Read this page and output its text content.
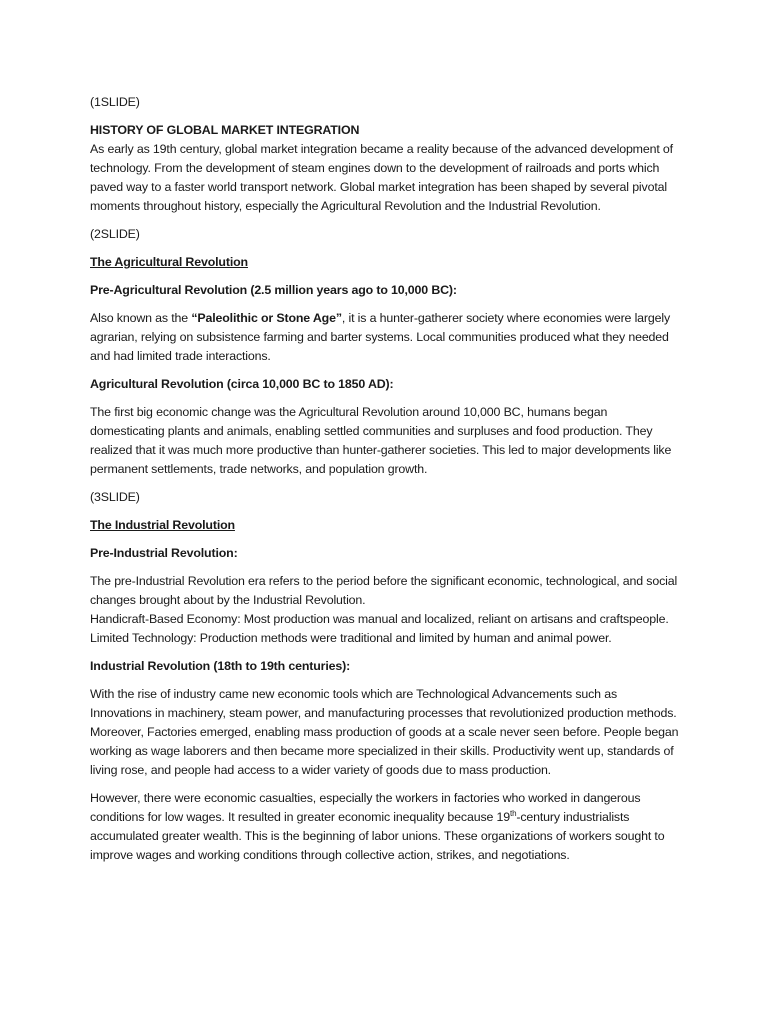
(1SLIDE)

HISTORY OF GLOBAL MARKET INTEGRATION

As early as 19th century, global market integration became a reality because of the advanced development of technology. From the development of steam engines down to the development of railroads and ports which paved way to a faster world transport network. Global market integration has been shaped by several pivotal moments throughout history, especially the Agricultural Revolution and the Industrial Revolution.

(2SLIDE)

The Agricultural Revolution

Pre-Agricultural Revolution (2.5 million years ago to 10,000 BC):

Also known as the “Paleolithic or Stone Age”, it is a hunter-gatherer society where economies were largely agrarian, relying on subsistence farming and barter systems. Local communities produced what they needed and had limited trade interactions.

Agricultural Revolution (circa 10,000 BC to 1850 AD):

The first big economic change was the Agricultural Revolution around 10,000 BC, humans began domesticating plants and animals, enabling settled communities and surpluses and food production. They realized that it was much more productive than hunter-gatherer societies. This led to major developments like permanent settlements, trade networks, and population growth.

(3SLIDE)

The Industrial Revolution

Pre-Industrial Revolution:

The pre-Industrial Revolution era refers to the period before the significant economic, technological, and social changes brought about by the Industrial Revolution.
Handicraft-Based Economy: Most production was manual and localized, reliant on artisans and craftspeople.
Limited Technology: Production methods were traditional and limited by human and animal power.

Industrial Revolution (18th to 19th centuries):

With the rise of industry came new economic tools which are Technological Advancements such as Innovations in machinery, steam power, and manufacturing processes that revolutionized production methods. Moreover, Factories emerged, enabling mass production of goods at a scale never seen before. People began working as wage laborers and then became more specialized in their skills. Productivity went up, standards of living rose, and people had access to a wider variety of goods due to mass production.

However, there were economic casualties, especially the workers in factories who worked in dangerous conditions for low wages. It resulted in greater economic inequality because 19th-century industrialists accumulated greater wealth. This is the beginning of labor unions. These organizations of workers sought to improve wages and working conditions through collective action, strikes, and negotiations.
